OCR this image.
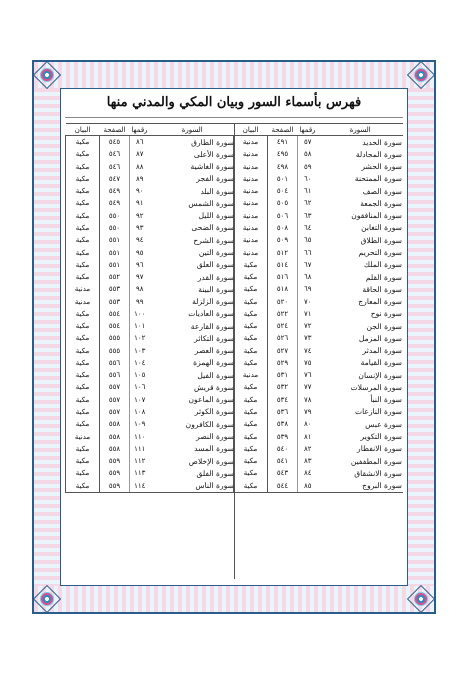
فهرس بأسماء السور وبيان المكي والمدني منها
السورة	رقمها	الصفحة	البيان
سورة الحديد	٥٧	٤٩١	مدنية
سورة المجادلة	٥٨	٤٩٥	مدنية
سورة الحشر	٥٩	٤٩٨	مدنية
سورة الممتحنة	٦٠	٥٠١	مدنية
سورة الصف	٦١	٥٠٤	مدنية
سورة الجمعة	٦٢	٥٠٥	مدنية
سورة المنافقون	٦٣	٥٠٦	مدنية
سورة التغابن	٦٤	٥٠٨	مدنية
سورة الطلاق	٦٥	٥٠٩	مدنية
سورة التحريم	٦٦	٥١٢	مدنية
سورة الملك	٦٧	٥١٤	مكية
سورة القلم	٦٨	٥١٦	مكية
سورة الحاقة	٦٩	٥١٨	مكية
سورة المعارج	٧٠	٥٢٠	مكية
سورة نوح	٧١	٥٢٢	مكية
سورة الجن	٧٢	٥٢٤	مكية
سورة المزمل	٧٣	٥٢٦	مكية
سورة المدثر	٧٤	٥٢٧	مكية
سورة القيامة	٧٥	٥٢٩	مكية
سورة الإنسان	٧٦	٥٣١	مدنية
سورة المرسلات	٧٧	٥٣٢	مكية
سورة النبأ	٧٨	٥٣٤	مكية
سورة النازعات	٧٩	٥٣٦	مكية
سورة عبس	٨٠	٥٣٨	مكية
سورة التكوير	٨١	٥٣٩	مكية
سورة الانفطار	٨٢	٥٤٠	مكية
سورة المطففين	٨٣	٥٤١	مكية
سورة الانشقاق	٨٤	٥٤٣	مكية
سورة البروج	٨٥	٥٤٤	مكية
السورة	رقمها	الصفحة	البيان
سورة الطارق	٨٦	٥٤٥	مكية
سورة الأعلى	٨٧	٥٤٦	مكية
سورة الغاشية	٨٨	٥٤٦	مكية
سورة الفجر	٨٩	٥٤٧	مكية
سورة البلد	٩٠	٥٤٩	مكية
سورة الشمس	٩١	٥٤٩	مكية
سورة الليل	٩٢	٥٥٠	مكية
سورة الضحى	٩٣	٥٥٠	مكية
سورة الشرح	٩٤	٥٥١	مكية
سورة التين	٩٥	٥٥١	مكية
سورة العلق	٩٦	٥٥١	مكية
سورة القدر	٩٧	٥٥٢	مكية
سورة البينة	٩٨	٥٥٣	مدنية
سورة الزلزلة	٩٩	٥٥٣	مدنية
سورة العاديات	١٠٠	٥٥٤	مكية
سورة القارعة	١٠١	٥٥٤	مكية
سورة التكاثر	١٠٢	٥٥٥	مكية
سورة العصر	١٠٣	٥٥٥	مكية
سورة الهمزة	١٠٤	٥٥٦	مكية
سورة الفيل	١٠٥	٥٥٦	مكية
سورة قريش	١٠٦	٥٥٧	مكية
سورة الماعون	١٠٧	٥٥٧	مكية
سورة الكوثر	١٠٨	٥٥٧	مكية
سورة الكافرون	١٠٩	٥٥٨	مكية
سورة النصر	١١٠	٥٥٨	مدنية
سورة المسد	١١١	٥٥٨	مكية
سورة الإخلاص	١١٢	٥٥٩	مكية
سورة الفلق	١١٣	٥٥٩	مكية
سورة الناس	١١٤	٥٥٩	مكية
